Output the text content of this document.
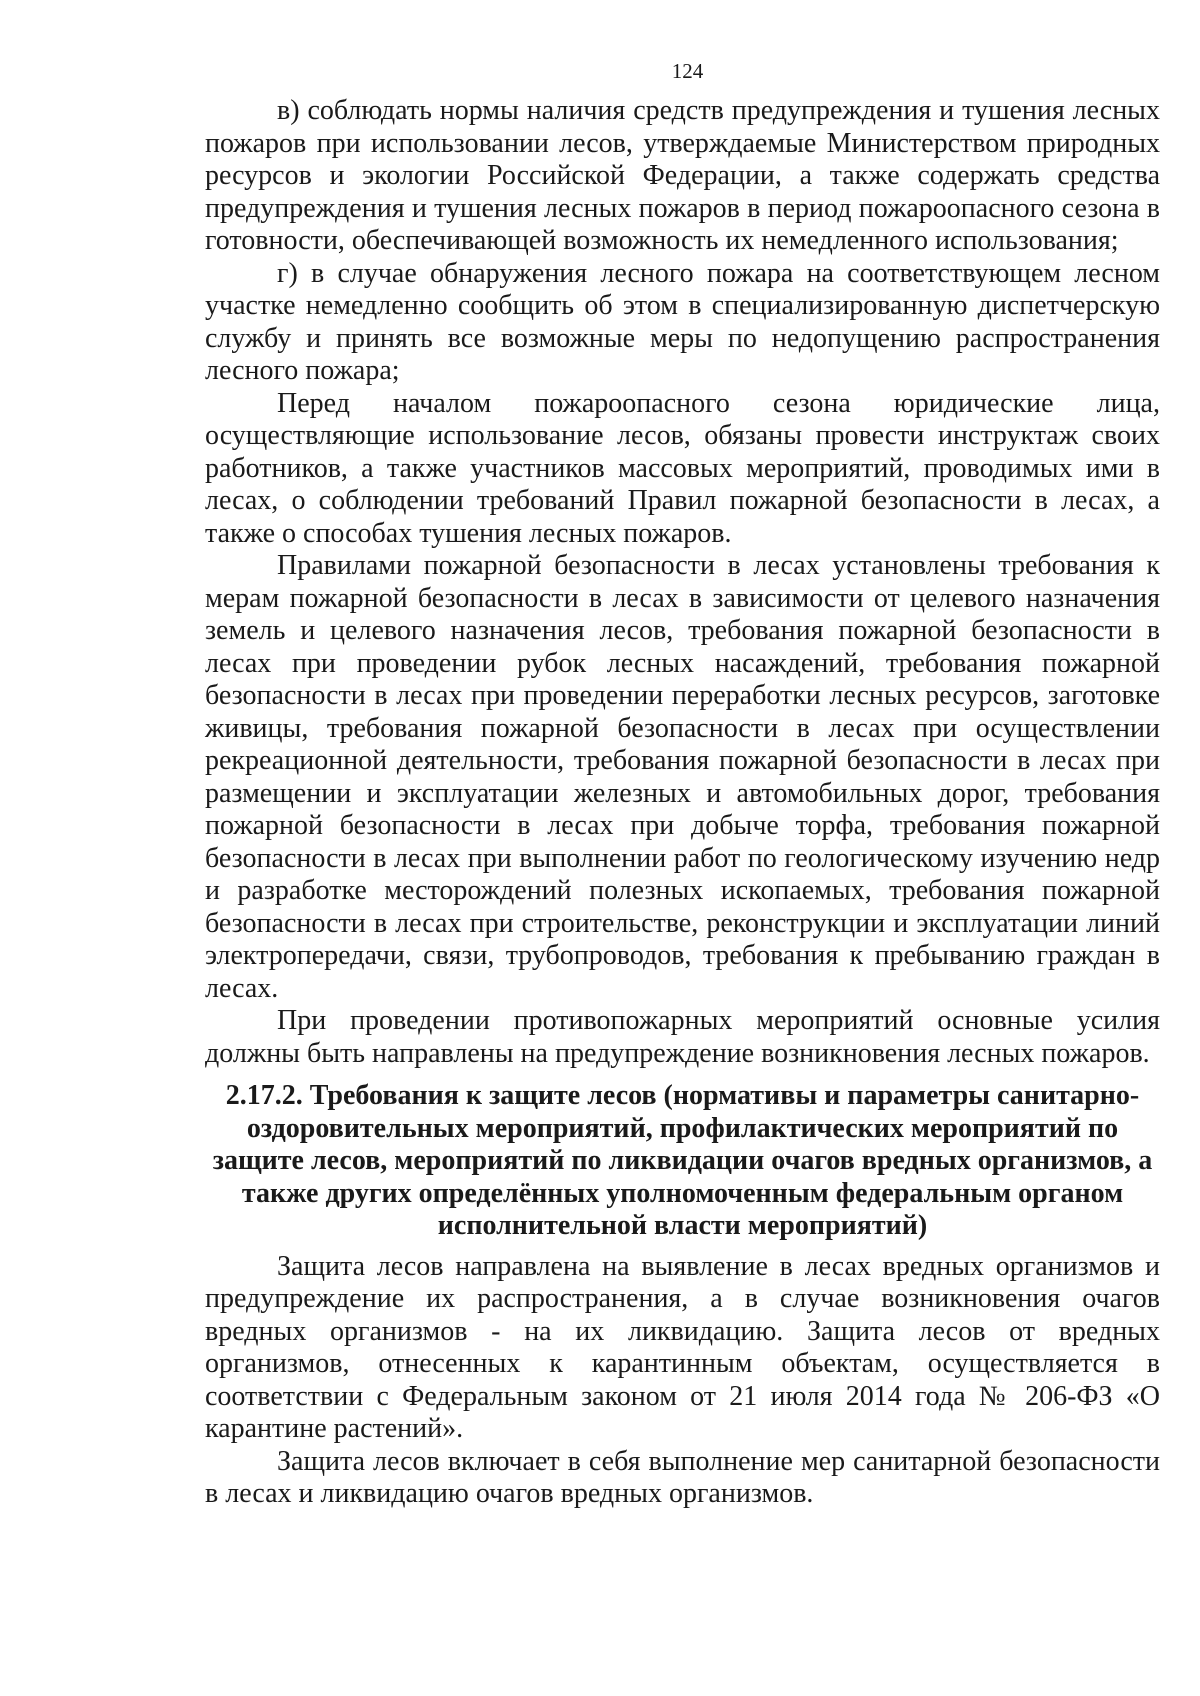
124

в) соблюдать нормы наличия средств предупреждения и тушения лесных пожаров при использовании лесов, утверждаемые Министерством природных ресурсов и экологии Российской Федерации, а также содержать средства предупреждения и тушения лесных пожаров в период пожароопасного сезона в готовности, обеспечивающей возможность их немедленного использования;

г) в случае обнаружения лесного пожара на соответствующем лесном участке немедленно сообщить об этом в специализированную диспетчерскую службу и принять все возможные меры по недопущению распространения лесного пожара;

Перед началом пожароопасного сезона юридические лица, осуществляющие использование лесов, обязаны провести инструктаж своих работников, а также участников массовых мероприятий, проводимых ими в лесах, о соблюдении требований Правил пожарной безопасности в лесах, а также о способах тушения лесных пожаров.

Правилами пожарной безопасности в лесах установлены требования к мерам пожарной безопасности в лесах в зависимости от целевого назначения земель и целевого назначения лесов, требования пожарной безопасности в лесах при проведении рубок лесных насаждений, требования пожарной безопасности в лесах при проведении переработки лесных ресурсов, заготовке живицы, требования пожарной безопасности в лесах при осуществлении рекреационной деятельности, требования пожарной безопасности в лесах при размещении и эксплуатации железных и автомобильных дорог, требования пожарной безопасности в лесах при добыче торфа, требования пожарной безопасности в лесах при выполнении работ по геологическому изучению недр и разработке месторождений полезных ископаемых, требования пожарной безопасности в лесах при строительстве, реконструкции и эксплуатации линий электропередачи, связи, трубопроводов, требования к пребыванию граждан в лесах.

При проведении противопожарных мероприятий основные усилия должны быть направлены на предупреждение возникновения лесных пожаров.

2.17.2. Требования к защите лесов (нормативы и параметры санитарно-оздоровительных мероприятий, профилактических мероприятий по защите лесов, мероприятий по ликвидации очагов вредных организмов, а также других определённых уполномоченным федеральным органом исполнительной власти мероприятий)

Защита лесов направлена на выявление в лесах вредных организмов и предупреждение их распространения, а в случае возникновения очагов вредных организмов - на их ликвидацию. Защита лесов от вредных организмов, отнесенных к карантинным объектам, осуществляется в соответствии с Федеральным законом от 21 июля 2014 года № 206-ФЗ «О карантине растений».

Защита лесов включает в себя выполнение мер санитарной безопасности в лесах и ликвидацию очагов вредных организмов.
